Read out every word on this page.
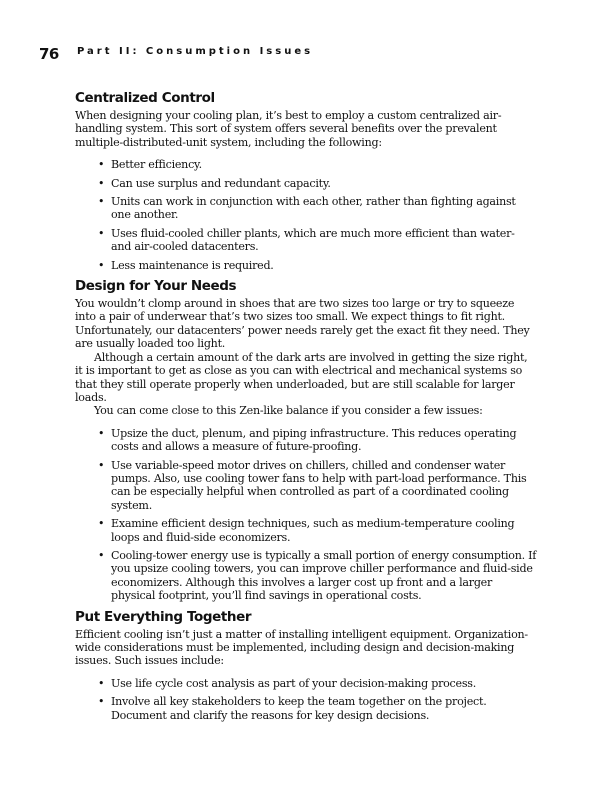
76 Part II: Consumption Issues
Centralized Control

When designing your cooling plan, it’s best to employ a custom centralized air-handling system. This sort of system offers several benefits over the prevalent multiple-distributed-unit system, including the following:

• Better efficiency.
• Can use surplus and redundant capacity.
• Units can work in conjunction with each other, rather than fighting against one another.
• Uses fluid-cooled chiller plants, which are much more efficient than water- and air-cooled datacenters.
• Less maintenance is required.
Design for Your Needs

You wouldn’t clomp around in shoes that are two sizes too large or try to squeeze into a pair of underwear that’s two sizes too small. We expect things to fit right. Unfortunately, our datacenters’ power needs rarely get the exact fit they need. They are usually loaded too light.

Although a certain amount of the dark arts are involved in getting the size right, it is important to get as close as you can with electrical and mechanical systems so that they still operate properly when underloaded, but are still scalable for larger loads.

You can come close to this Zen-like balance if you consider a few issues:

• Upsize the duct, plenum, and piping infrastructure. This reduces operating costs and allows a measure of future-proofing.
• Use variable-speed motor drives on chillers, chilled and condenser water pumps. Also, use cooling tower fans to help with part-load performance. This can be especially helpful when controlled as part of a coordinated cooling system.
• Examine efficient design techniques, such as medium-temperature cooling loops and fluid-side economizers.
• Cooling-tower energy use is typically a small portion of energy consumption. If you upsize cooling towers, you can improve chiller performance and fluid-side economizers. Although this involves a larger cost up front and a larger physical footprint, you’ll find savings in operational costs.
Put Everything Together

Efficient cooling isn’t just a matter of installing intelligent equipment. Organization-wide considerations must be implemented, including design and decision-making issues. Such issues include:

• Use life cycle cost analysis as part of your decision-making process.
• Involve all key stakeholders to keep the team together on the project. Document and clarify the reasons for key design decisions.
